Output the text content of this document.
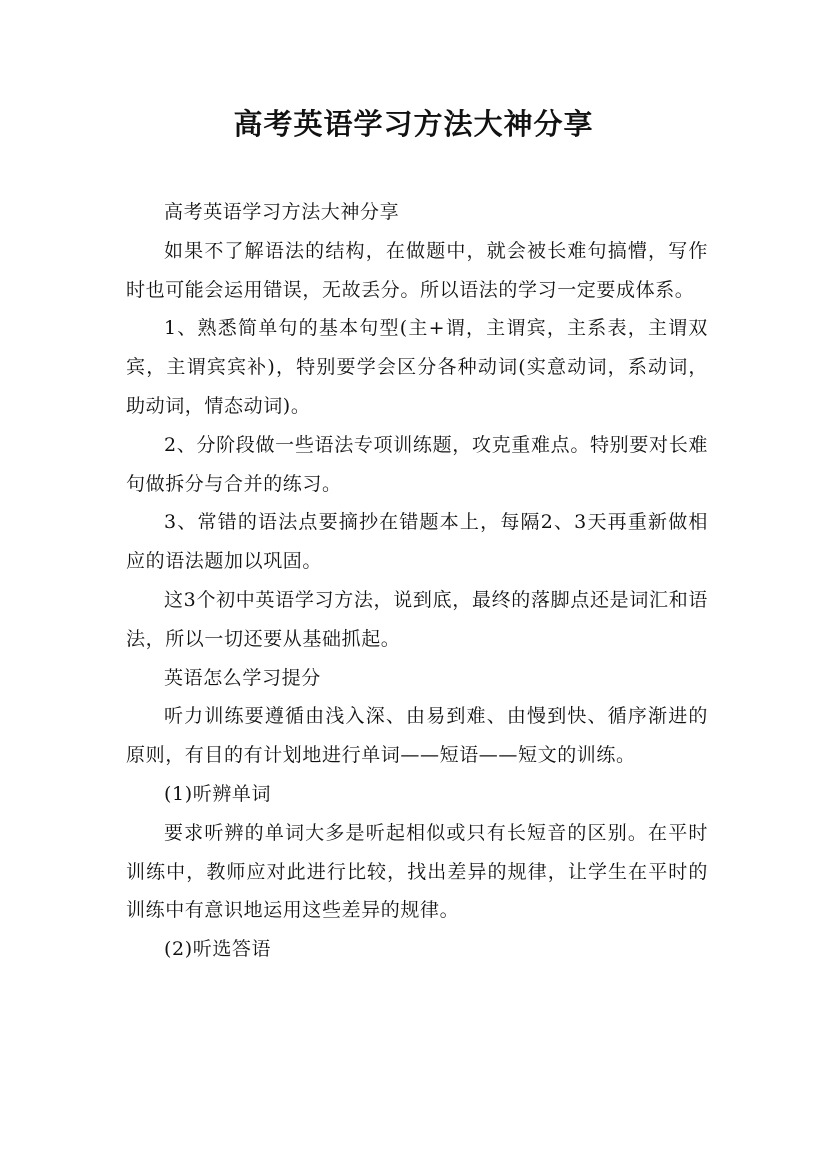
高考英语学习方法大神分享

高考英语学习方法大神分享

如果不了解语法的结构，在做题中，就会被长难句搞懵，写作时也可能会运用错误，无故丢分。所以语法的学习一定要成体系。

1、熟悉简单句的基本句型(主+谓，主谓宾，主系表，主谓双宾，主谓宾宾补)，特别要学会区分各种动词(实意动词，系动词，助动词，情态动词)。

2、分阶段做一些语法专项训练题，攻克重难点。特别要对长难句做拆分与合并的练习。

3、常错的语法点要摘抄在错题本上，每隔2、3天再重新做相应的语法题加以巩固。

这3个初中英语学习方法，说到底，最终的落脚点还是词汇和语法，所以一切还要从基础抓起。

英语怎么学习提分

听力训练要遵循由浅入深、由易到难、由慢到快、循序渐进的原则，有目的有计划地进行单词——短语——短文的训练。

(1)听辨单词

要求听辨的单词大多是听起相似或只有长短音的区别。在平时训练中，教师应对此进行比较，找出差异的规律，让学生在平时的训练中有意识地运用这些差异的规律。

(2)听选答语
